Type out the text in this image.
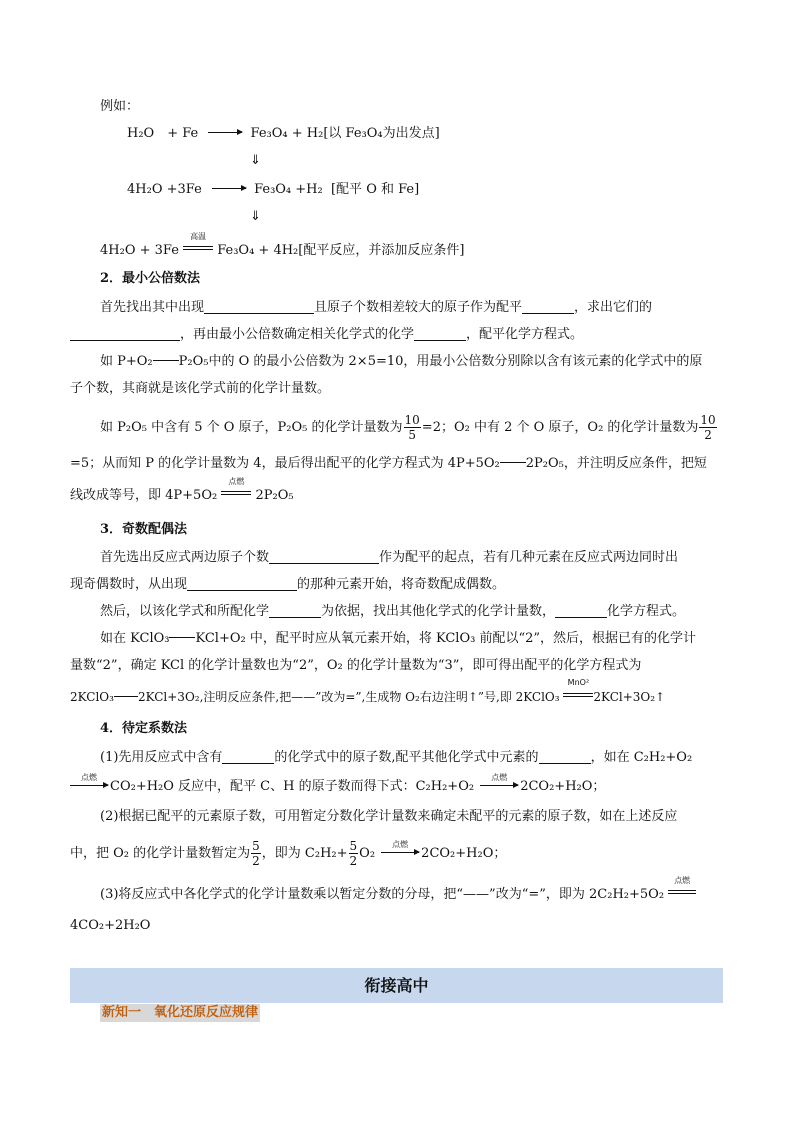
例如：
H₂O　+ Fe → Fe₃O₄ + H₂[以 Fe₃O₄为出发点]
⇓
4H₂O +3Fe → Fe₃O₄ +H₂ [配平 O 和 Fe]
⇓
4H₂O + 3Fe
高温
Fe₃O₄ + 4H₂[配平反应，并添加反应条件]
2．最小公倍数法
首先找出其中出现	且原子个数相差较大的原子作为配平	，求出它们的
，再由最小公倍数确定相关化学式的化学	，配平化学方程式。
如 P+O₂ P₂O₅中的 O 的最小公倍数为 2×5=10，用最小公倍数分别除以含有该元素的化学式中的原
子个数，其商就是该化学式前的化学计量数。
如 P₂O₅ 中含有 5 个 O 原子，P₂O₅ 的化学计量数为 $\frac{10}{5} =2$；O₂ 中有 2 个 O 原子，O₂ 的化学计量数为 $\frac{10}{2}$
=5；从而知 P 的化学计量数为 4，最后得出配平的化学方程式为 4P+5O₂ 2P₂O₅，并注明反应条件，把短
线改成等号，即 4P+5O₂
点燃
2P₂O₅
3．奇数配偶法
首先选出反应式两边原子个数	作为配平的起点，若有几种元素在反应式两边同时出
现奇偶数时，从出现	的那种元素开始，将奇数配成偶数。
然后，以该化学式和所配化学	为依据，找出其他化学式的化学计量数，	化学方程式。
如在 KClO₃ KCl+O₂ 中，配平时应从氧元素开始，将 KClO₃ 前配以“2”，然后，根据已有的化学计
量数“2”，确定 KCl 的化学计量数也为“2”，O₂ 的化学计量数为“3”，即可得出配平的化学方程式为
2KClO₃ 2KCl+3O₂,注明反应条件,把——”改为=”,生成物 O₂右边注明↑”号,即 2KClO₃
MnO²
2KCl+3O₂↑
4．待定系数法
(1)先用反应式中含有	的化学式中的原子数,配平其他化学式中元素的	，如在 C₂H₂+O₂
点燃
CO₂+H₂O 反应中，配平 C、H 的原子数而得下式：C₂H₂+O₂
点燃
2CO₂+H₂O；
(2)根据已配平的元素原子数，可用暂定分数化学计量数来确定未配平的元素的原子数，如在上述反应
中，把 O₂ 的化学计量数暂定为 $\frac{5}{2}$ ，即为 $C_2H_2+ \frac{5}{2} O_2$
点燃
2CO₂+H₂O；
(3)将反应式中各化学式的化学计量数乘以暂定分数的分母，把“——”改为“=”，即为 2C₂H₂+5O₂
点燃
4CO₂+2H₂O
衔接高中
新知一　氧化还原反应规律
